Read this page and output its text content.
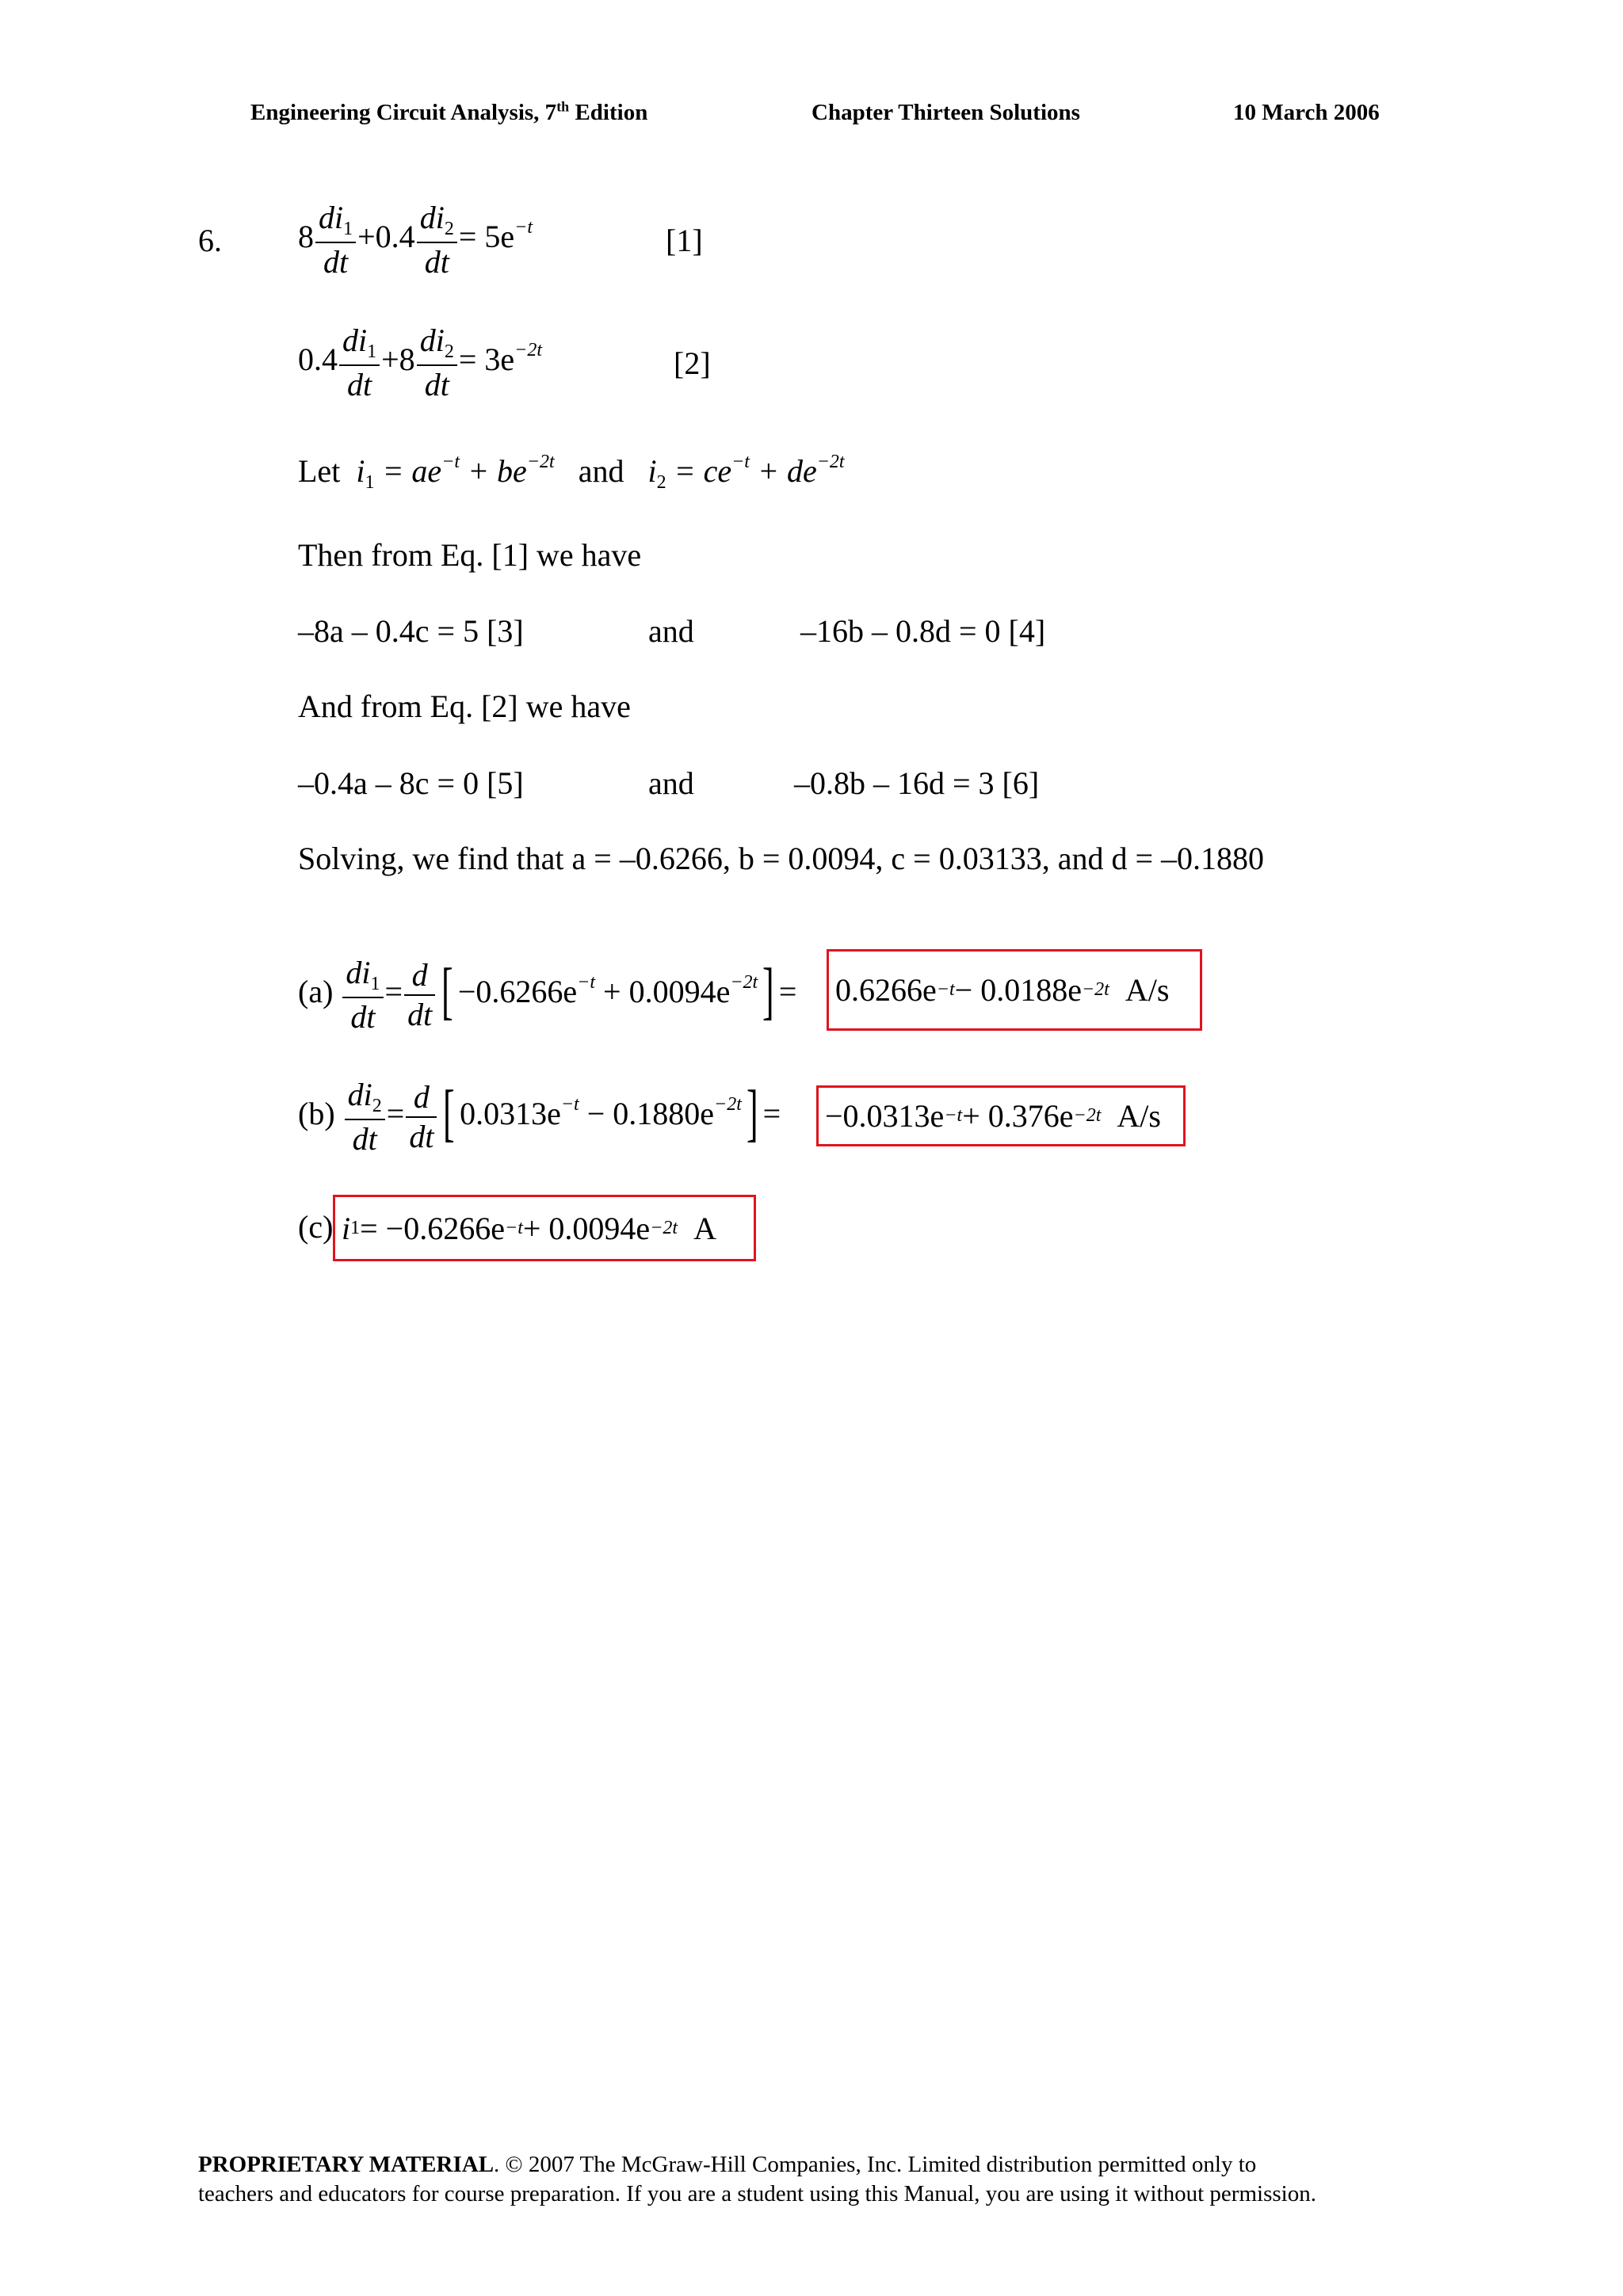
Engineering Circuit Analysis, 7th Edition	Chapter Thirteen Solutions	10 March 2006
6. $8 \frac{di_1}{dt} +0.4 \frac{di_2}{dt} = 5e^{-t}$	[1]
$0.4 \frac{di_1}{dt} +8 \frac{di_2}{dt} = 3e^{-2t}$	[2]
Let $i_1 = ae^{-t} + be^{-2t}$ and $i_2 = ce^{-t} + de^{-2t}$
Then from Eq. [1] we have
–8a – 0.4c = 5 [3]	and	–16b – 0.8d = 0 [4]
And from Eq. [2] we have
–0.4a – 8c = 0 [5]	and	–0.8b – 16d = 3 [6]
Solving, we find that a = –0.6266, b = 0.0094, c = 0.03133, and d = –0.1880
$(a) \frac{di_1}{dt} = \frac{d}{dt}$ [ $-0.6266e^{-t} + 0.0094e^{-2t}] = 0.6266e -t - 0.0188e -2t$
A/s
$(b) \frac{di_2}{dt} = \frac{d}{dt}$ [ $0.0313e^{-t} - 0.1880e^{-2t}] = -0.0313e -t + 0.376e -2t$
A/s
(c) i 1 = −0.6266e −t + 0.0094e −2t
A
PROPRIETARY MATERIAL. © 2007 The McGraw-Hill Companies, Inc. Limited distribution permitted only to
teachers and educators for course preparation. If you are a student using this Manual, you are using it without permission.
